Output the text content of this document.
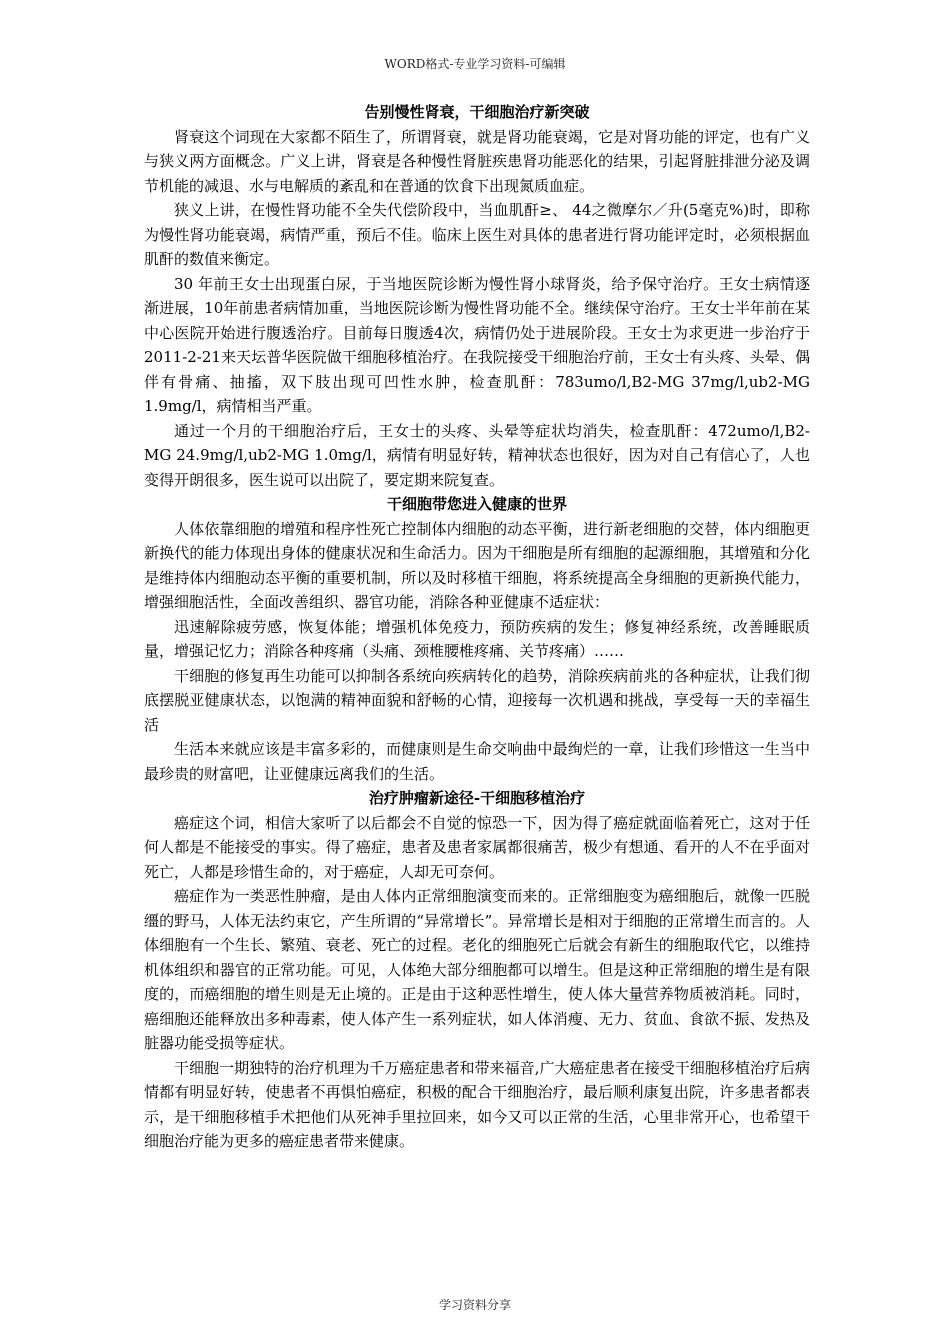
WORD格式-专业学习资料-可编辑
告别慢性肾衰，干细胞治疗新突破

肾衰这个词现在大家都不陌生了，所谓肾衰，就是肾功能衰竭，它是对肾功能的评定，也有广义与狭义两方面概念。广义上讲，肾衰是各种慢性肾脏疾患肾功能恶化的结果，引起肾脏排泄分泌及调节机能的减退、水与电解质的紊乱和在普通的饮食下出现氮质血症。

狭义上讲，在慢性肾功能不全失代偿阶段中，当血肌酐≥、 44之微摩尔／升(5毫克%)时，即称为慢性肾功能衰竭，病情严重，预后不佳。临床上医生对具体的患者进行肾功能评定时，必须根据血肌酐的数值来衡定。

30 年前王女士出现蛋白尿，于当地医院诊断为慢性肾小球肾炎，给予保守治疗。王女士病情逐渐进展，10年前患者病情加重，当地医院诊断为慢性肾功能不全。继续保守治疗。王女士半年前在某中心医院开始进行腹透治疗。目前每日腹透4次，病情仍处于进展阶段。王女士为求更进一步治疗于2011-2-21来天坛普华医院做干细胞移植治疗。在我院接受干细胞治疗前，王女士有头疼、头晕、偶伴有骨痛、抽搐，双下肢出现可凹性水肿，检查肌酐：783umo/l,B2-MG 37mg/l,ub2-MG 1.9mg/l，病情相当严重。

通过一个月的干细胞治疗后，王女士的头疼、头晕等症状均消失，检查肌酐：472umo/l,B2-MG 24.9mg/l,ub2-MG 1.0mg/l，病情有明显好转，精神状态也很好，因为对自己有信心了，人也变得开朗很多，医生说可以出院了，要定期来院复查。

干细胞带您进入健康的世界

人体依靠细胞的增殖和程序性死亡控制体内细胞的动态平衡，进行新老细胞的交替，体内细胞更新换代的能力体现出身体的健康状况和生命活力。因为干细胞是所有细胞的起源细胞，其增殖和分化是维持体内细胞动态平衡的重要机制，所以及时移植干细胞，将系统提高全身细胞的更新换代能力，增强细胞活性，全面改善组织、器官功能，消除各种亚健康不适症状：

迅速解除疲劳感，恢复体能；增强机体免疫力，预防疾病的发生；修复神经系统，改善睡眠质量，增强记忆力；消除各种疼痛（头痛、颈椎腰椎疼痛、关节疼痛）……

干细胞的修复再生功能可以抑制各系统向疾病转化的趋势，消除疾病前兆的各种症状，让我们彻底摆脱亚健康状态，以饱满的精神面貌和舒畅的心情，迎接每一次机遇和挑战，享受每一天的幸福生活

生活本来就应该是丰富多彩的，而健康则是生命交响曲中最绚烂的一章，让我们珍惜这一生当中最珍贵的财富吧，让亚健康远离我们的生活。

治疗肿瘤新途径-干细胞移植治疗

癌症这个词，相信大家听了以后都会不自觉的惊恐一下，因为得了癌症就面临着死亡，这对于任何人都是不能接受的事实。得了癌症，患者及患者家属都很痛苦，极少有想通、看开的人不在乎面对死亡，人都是珍惜生命的，对于癌症，人却无可奈何。

癌症作为一类恶性肿瘤，是由人体内正常细胞演变而来的。正常细胞变为癌细胞后，就像一匹脱缰的野马，人体无法约束它，产生所谓的“异常增长”。异常增长是相对于细胞的正常增生而言的。人体细胞有一个生长、繁殖、衰老、死亡的过程。老化的细胞死亡后就会有新生的细胞取代它，以维持机体组织和器官的正常功能。可见，人体绝大部分细胞都可以增生。但是这种正常细胞的增生是有限度的，而癌细胞的增生则是无止境的。正是由于这种恶性增生，使人体大量营养物质被消耗。同时，癌细胞还能释放出多种毒素，使人体产生一系列症状，如人体消瘦、无力、贫血、食欲不振、发热及脏器功能受损等症状。

干细胞一期独特的治疗机理为千万癌症患者和带来福音,广大癌症患者在接受干细胞移植治疗后病情都有明显好转，使患者不再惧怕癌症，积极的配合干细胞治疗，最后顺利康复出院，许多患者都表示，是干细胞移植手术把他们从死神手里拉回来，如今又可以正常的生活，心里非常开心，也希望干细胞治疗能为更多的癌症患者带来健康。

学习资料分享
